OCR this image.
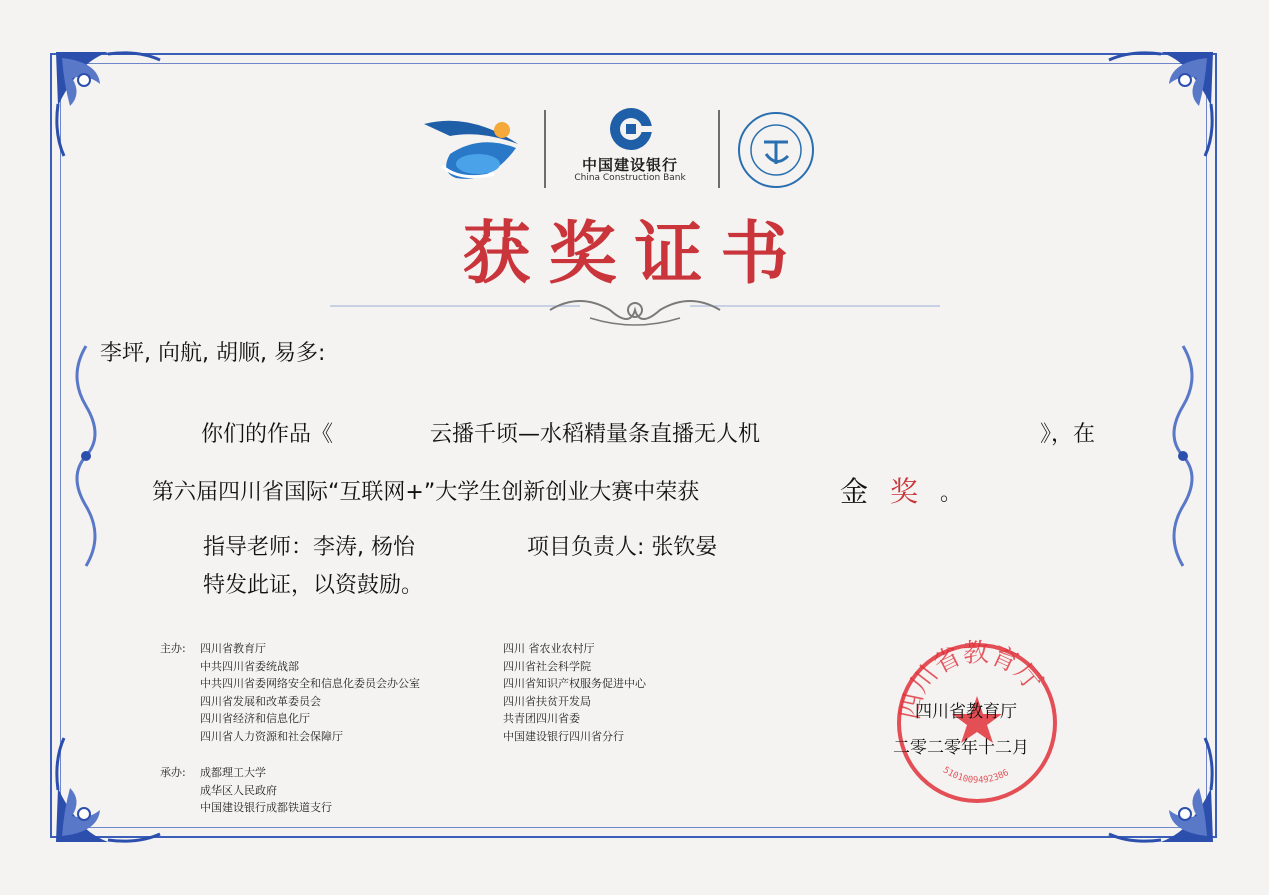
中国建设银行
China Construction Bank
获奖证书
李坪, 向航, 胡顺, 易多:
你们的作品《	云播千顷—水稻精量条直播无人机	》，在
第六届四川省国际“互联网+”大学生创新创业大赛中荣获	金 奖 。
指导老师：李涛, 杨怡	项目负责人: 张钦晏
特发此证，以资鼓励。
主办:	四川省教育厅
中共四川省委统战部
中共四川省委网络安全和信息化委员会办公室
四川省发展和改革委员会
四川省经济和信息化厅
四川省人力资源和社会保障厅
四川 省农业农村厅
四川省社会科学院
四川省知识产权服务促进中心
四川省扶贫开发局
共青团四川省委
中国建设银行四川省分行
承办:	成都理工大学
成华区人民政府
中国建设银行成都铁道支行
四川省教育厅
5101009492386
四川省教育厅
二零二零年十二月
